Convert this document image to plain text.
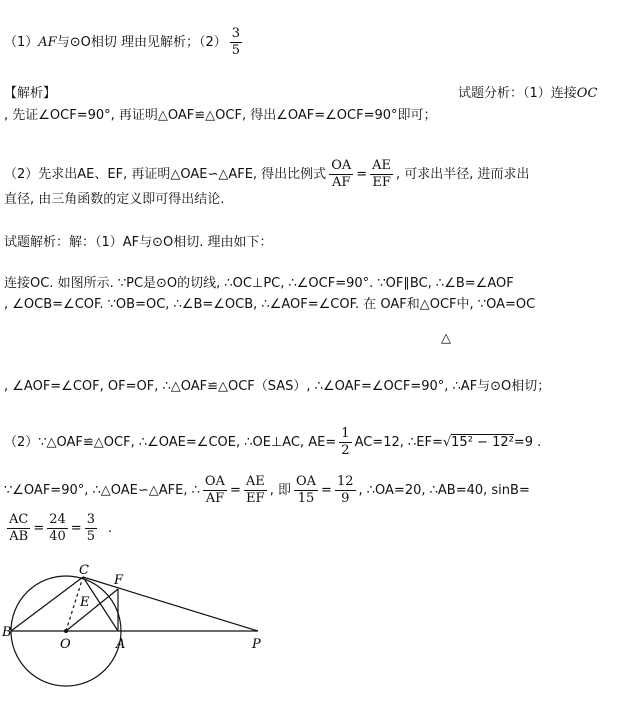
（1）AF与⊙O相切 理由见解析；$(2) \frac{3}{5}$
【解析】	试题分析：（1）连接OC
, 先证∠OCF=90°, 再证明△OAF≌△OCF, 得出∠OAF=∠OCF=90°即可；
（2）先求出AE、EF, 再证明△OAE∽△AFE, 得出比例式 $\frac{OA}{AF} = \frac{AE}{EF}$ , 可求出半径, 进而求出
直径, 由三角函数的定义即可得出结论.
试题解析：解：（1）AF与⊙O相切. 理由如下：
连接OC. 如图所示. ∵PC是⊙O的切线, ∴OC⊥PC, ∴∠OCF=90°. ∵OF∥BC, ∴∠B=∠AOF
, ∠OCB=∠COF. ∵OB=OC, ∴∠B=∠OCB, ∴∠AOF=∠COF. 在 OAF和△OCF中, ∵OA=OC
△
, ∠AOF=∠COF, OF=OF, ∴△OAF≌△OCF（SAS）, ∴∠OAF=∠OCF=90°, ∴AF与⊙O相切；
（2）∵△OAF≌△OCF, ∴∠OAE=∠COE, ∴OE⊥AC, $AE= \frac{1}{2} AC=12$, ∴EF=√15² − 12²=9 .
∵∠OAF=90°, ∴△OAE∽△AFE, ∴ $\frac{OA}{AF} = \frac{AE}{EF}$ , 即 $\frac{OA}{15} = \frac{12}{9}$ , ∴OA=20, ∴AB=40, sinB=
$\frac{AC}{AB} = \frac{24}{40} = \frac{3}{5}$ .
C
F
E
B
O	A	P
